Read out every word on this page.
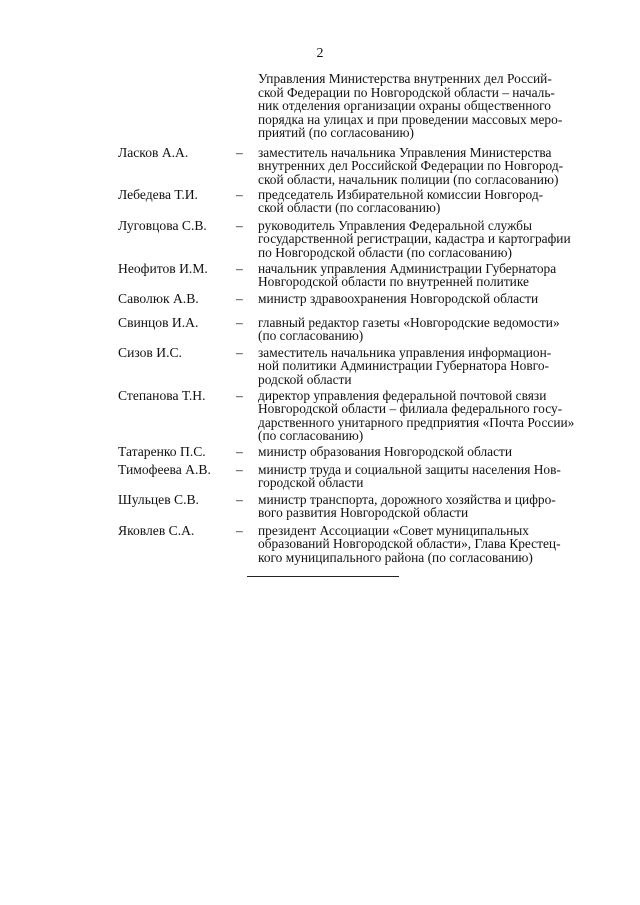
2
Управления Министерства внутренних дел Россий-
ской Федерации по Новгородской области – началь-
ник отделения организации охраны общественного
порядка на улицах и при проведении массовых меро-
приятий (по согласованию)
Ласков А.А.	– заместитель начальника Управления Министерства
внутренних дел Российской Федерации по Новгород-
ской области, начальник полиции (по согласованию)
Лебедева Т.И.	– председатель Избирательной комиссии Новгород-
ской области (по согласованию)
Луговцова С.В. – руководитель Управления Федеральной службы
государственной регистрации, кадастра и картографии
по Новгородской области (по согласованию)
Неофитов И.М. – начальник управления Администрации Губернатора
Новгородской области по внутренней политике
Саволюк А.В.	– министр здравоохранения Новгородской области
Свинцов И.А.	– главный редактор газеты «Новгородские ведомости»
(по согласованию)
Сизов И.С.	– заместитель начальника управления информацион-
ной политики Администрации Губернатора Новго-
родской области
Степанова Т.Н. – директор управления федеральной почтовой связи
Новгородской области – филиала федерального госу-
дарственного унитарного предприятия «Почта России»
(по согласованию)
Татаренко П.С. – министр образования Новгородской области
Тимофеева А.В. – министр труда и социальной защиты населения Нов-
городской области
Шульцев С.В.	– министр транспорта, дорожного хозяйства и цифро-
вого развития Новгородской области
Яковлев С.А.	– президент Ассоциации «Совет муниципальных
образований Новгородской области», Глава Крестец-
кого муниципального района (по согласованию)
